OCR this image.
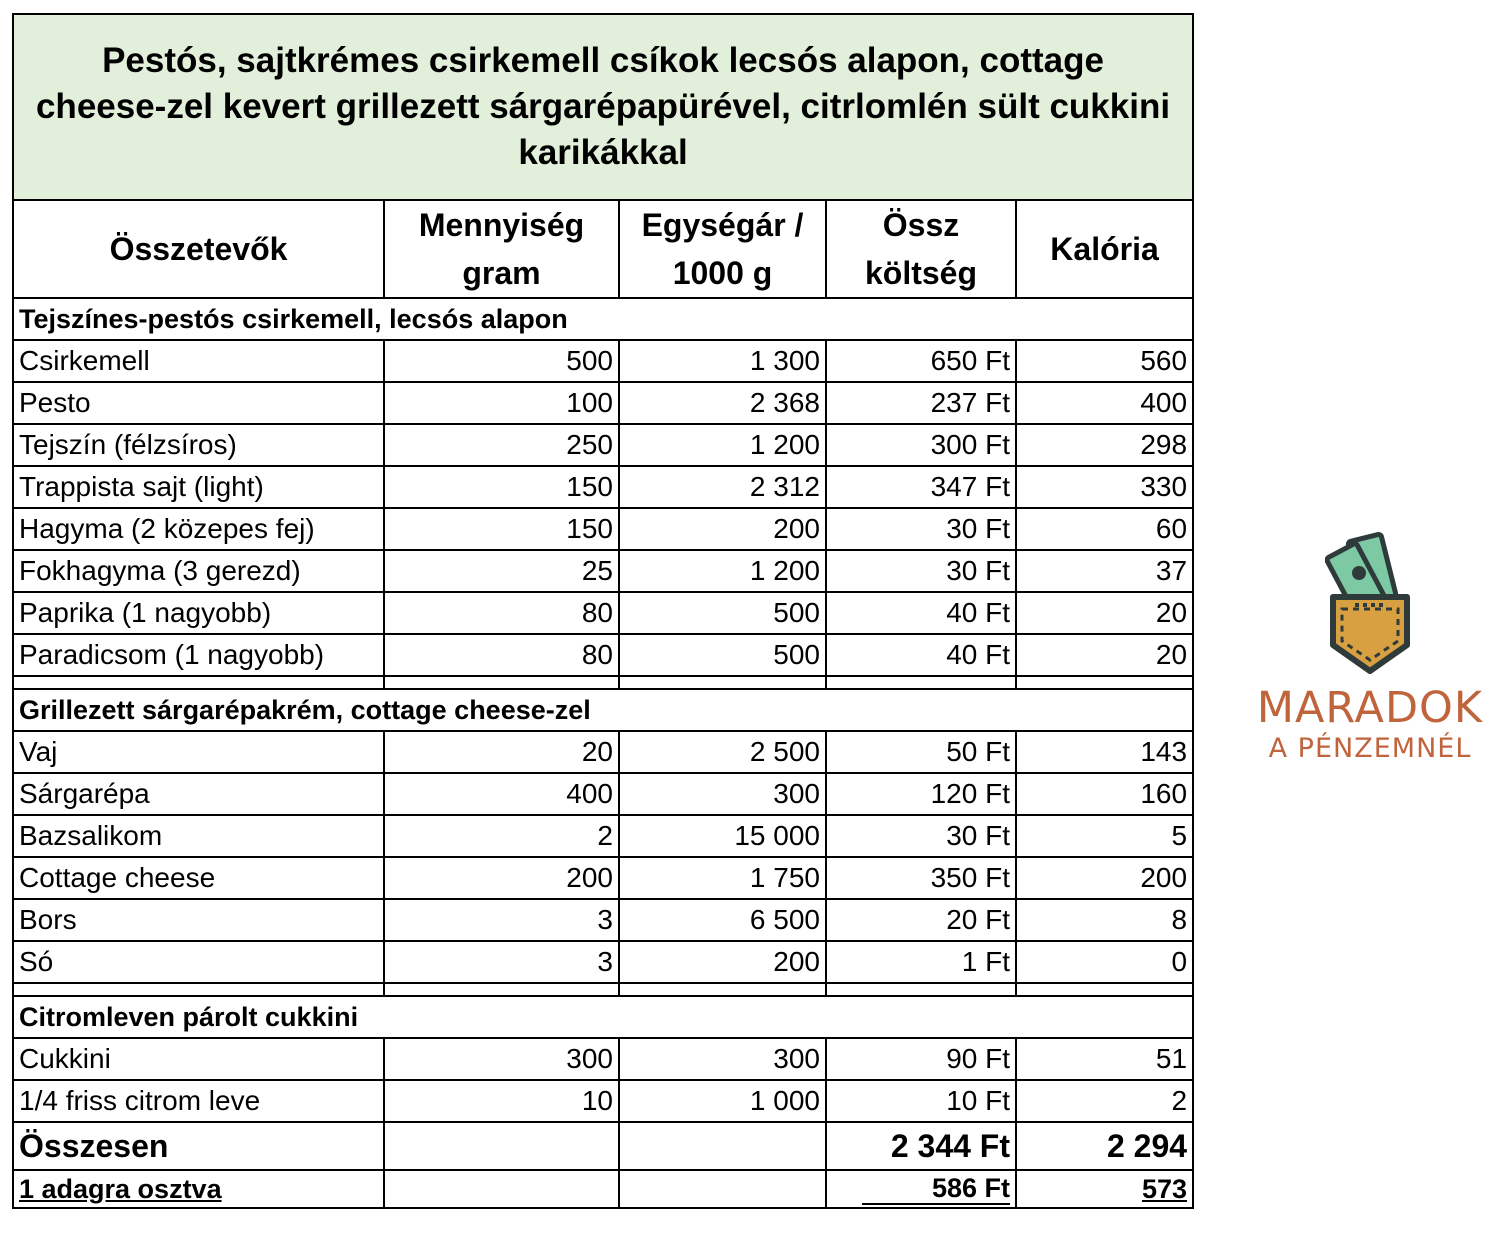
Pestós, sajtkrémes csirkemell csíkok lecsós alapon, cottage cheese-zel kevert grillezett sárgarépapürével, citrlomlén sült cukkini karikákkal				
Összetevők	Mennyiség gram	Egységár / 1000 g	Össz költség	Kalória
Tejszínes-pestós csirkemell, lecsós alapon				
Csirkemell	500	1 300	650 Ft	560
Pesto	100	2 368	237 Ft	400
Tejszín (félzsíros)	250	1 200	300 Ft	298
Trappista sajt (light)	150	2 312	347 Ft	330
Hagyma (2 közepes fej)	150	200	30 Ft	60
Fokhagyma (3 gerezd)	25	1 200	30 Ft	37
Paprika (1 nagyobb)	80	500	40 Ft	20
Paradicsom (1 nagyobb)	80	500	40 Ft	20

Grillezett sárgarépakrém, cottage cheese-zel				
Vaj	20	2 500	50 Ft	143
Sárgarépa	400	300	120 Ft	160
Bazsalikom	2	15 000	30 Ft	5
Cottage cheese	200	1 750	350 Ft	200
Bors	3	6 500	20 Ft	8
Só	3	200	1 Ft	0

Citromleven párolt cukkini				
Cukkini	300	300	90 Ft	51
1/4 friss citrom leve	10	1 000	10 Ft	2
Összesen			2 344 Ft	2 294
1 adagra osztva			586 Ft	573
MARADOK
A PÉNZEMNÉL
